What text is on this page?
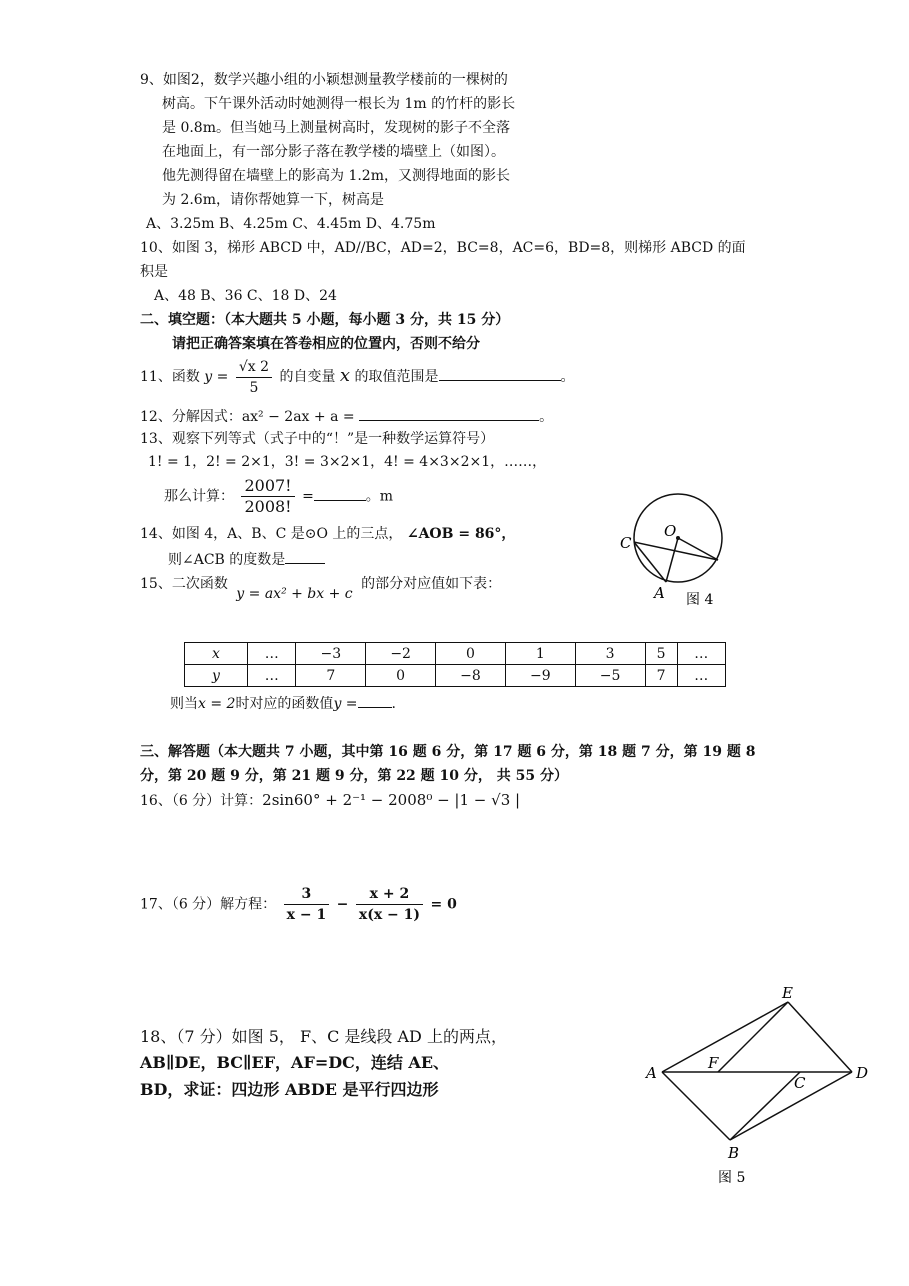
9、如图2，数学兴趣小组的小颖想测量教学楼前的一棵树的
树高。下午课外活动时她测得一根长为 1m 的竹杆的影长
是 0.8m。但当她马上测量树高时，发现树的影子不全落
在地面上，有一部分影子落在教学楼的墙壁上（如图）。
他先测得留在墙壁上的影高为 1.2m，又测得地面的影长
为 2.6m，请你帮她算一下，树高是
A、3.25m B、4.25m C、4.45m D、4.75m
10、如图 3，梯形 ABCD 中，AD//BC，AD=2，BC=8，AC=6，BD=8，则梯形 ABCD 的面
积是
A、48 B、36 C、18 D、24
二、填空题：（本大题共 5 小题，每小题 3 分，共 15 分）
请把正确答案填在答卷相应的位置内，否则不给分
11、函数 $y = \frac{√x 2}{5}$ 的自变量 x 的取值范围是	。
12、分解因式：ax² − 2ax + a =	。
13、观察下列等式（式子中的“！”是一种数学运算符号）
1! = 1，2! = 2×1，3! = 3×2×1，4! = 4×3×2×1，……，
那么计算： $\frac{2007!}{2008!}$ =	。m
14、如图 4，A、B、C 是⊙O 上的三点， ∠AOB = 86°，
则∠ACB 的度数是
15、二次函数 y = ax² + bx + c 的部分对应值如下表：
x	…	−3	−2	0	1	3	5	…
y	…	7	0	−8	−9	−5	7	…
则当x = 2时对应的函数值y = .
三、解答题（本大题共 7 小题，其中第 16 题 6 分，第 17 题 6 分，第 18 题 7 分，第 19 题 8
分，第 20 题 9 分，第 21 题 9 分，第 22 题 10 分， 共 55 分）
16、（6 分）计算：2sin60° + 2⁻¹ − 2008⁰ − |1 − √3 |
17、（6 分）解方程： $\frac{3}{x - 1} - \frac{x + 2}{x(x - 1)} = 0$
18、（7 分）如图 5， F、C 是线段 AD 上的两点，
AB∥DE，BC∥EF，AF=DC，连结 AE、
BD，求证：四边形 ABDE 是平行四边形
C
O
A 图 4
E
A
F
C
D
B
图 5
